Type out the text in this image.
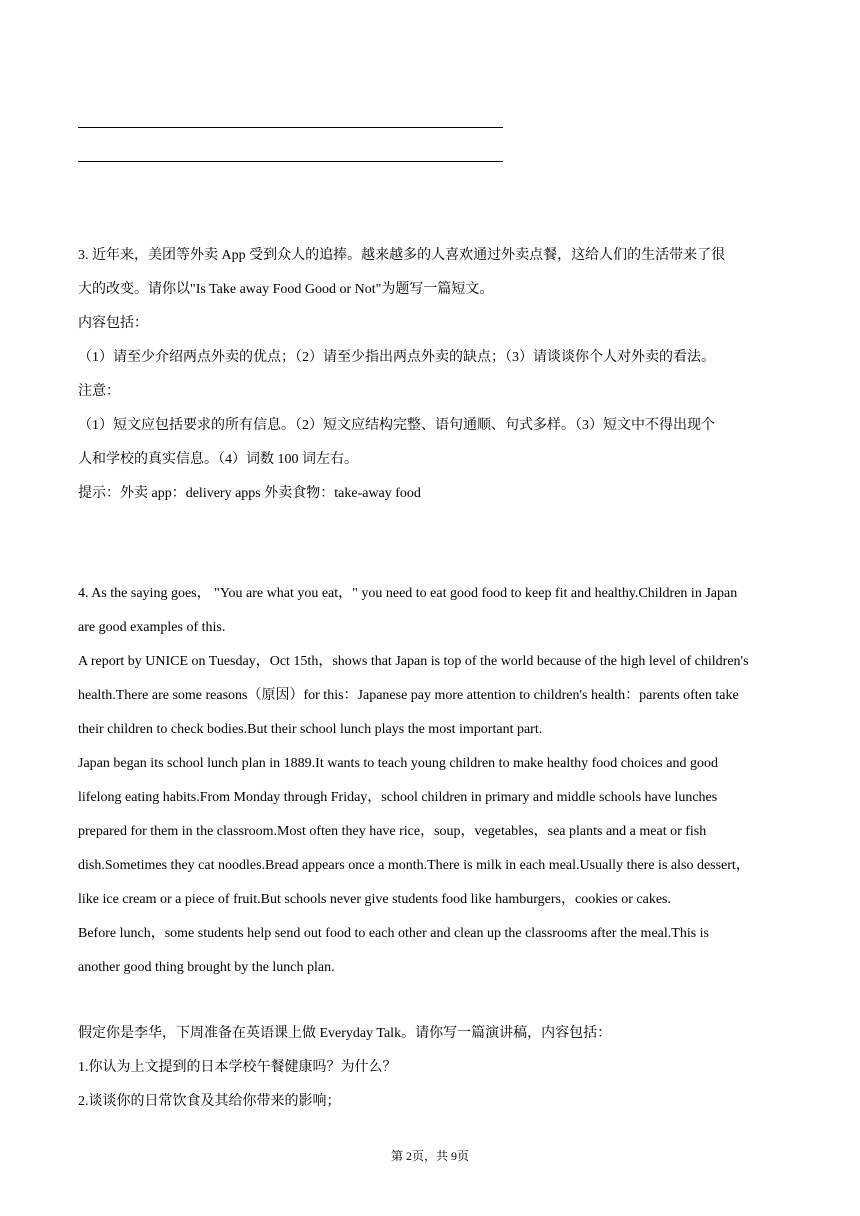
3. 近年来，美团等外卖 App 受到众人的追捧。越来越多的人喜欢通过外卖点餐，这给人们的生活带来了很

大的改变。请你以"Is Take away Food Good or Not"为题写一篇短文。

内容包括：

（1）请至少介绍两点外卖的优点；（2）请至少指出两点外卖的缺点；（3）请谈谈你个人对外卖的看法。

注意：

（1）短文应包括要求的所有信息。（2）短文应结构完整、语句通顺、句式多样。（3）短文中不得出现个

人和学校的真实信息。（4）词数 100 词左右。

提示：外卖 app：delivery apps 外卖食物：take-away food

4. As the saying goes， "You are what you eat，" you need to eat good food to keep fit and healthy.Children in Japan

are good examples of this.

A report by UNICE on Tuesday，Oct 15th，shows that Japan is top of the world because of the high level of children's

health.There are some reasons（原因）for this：Japanese pay more attention to children's health：parents often take

their children to check bodies.But their school lunch plays the most important part.

Japan began its school lunch plan in 1889.It wants to teach young children to make healthy food choices and good

lifelong eating habits.From Monday through Friday，school children in primary and middle schools have lunches

prepared for them in the classroom.Most often they have rice，soup，vegetables，sea plants and a meat or fish

dish.Sometimes they cat noodles.Bread appears once a month.There is milk in each meal.Usually there is also dessert，

like ice cream or a piece of fruit.But schools never give students food like hamburgers，cookies or cakes.

Before lunch，some students help send out food to each other and clean up the classrooms after the meal.This is

another good thing brought by the lunch plan.

假定你是李华，下周准备在英语课上做 Everyday Talk。请你写一篇演讲稿，内容包括：

1.你认为上文提到的日本学校午餐健康吗？为什么？

2.谈谈你的日常饮食及其给你带来的影响；

第 2页，共 9页
